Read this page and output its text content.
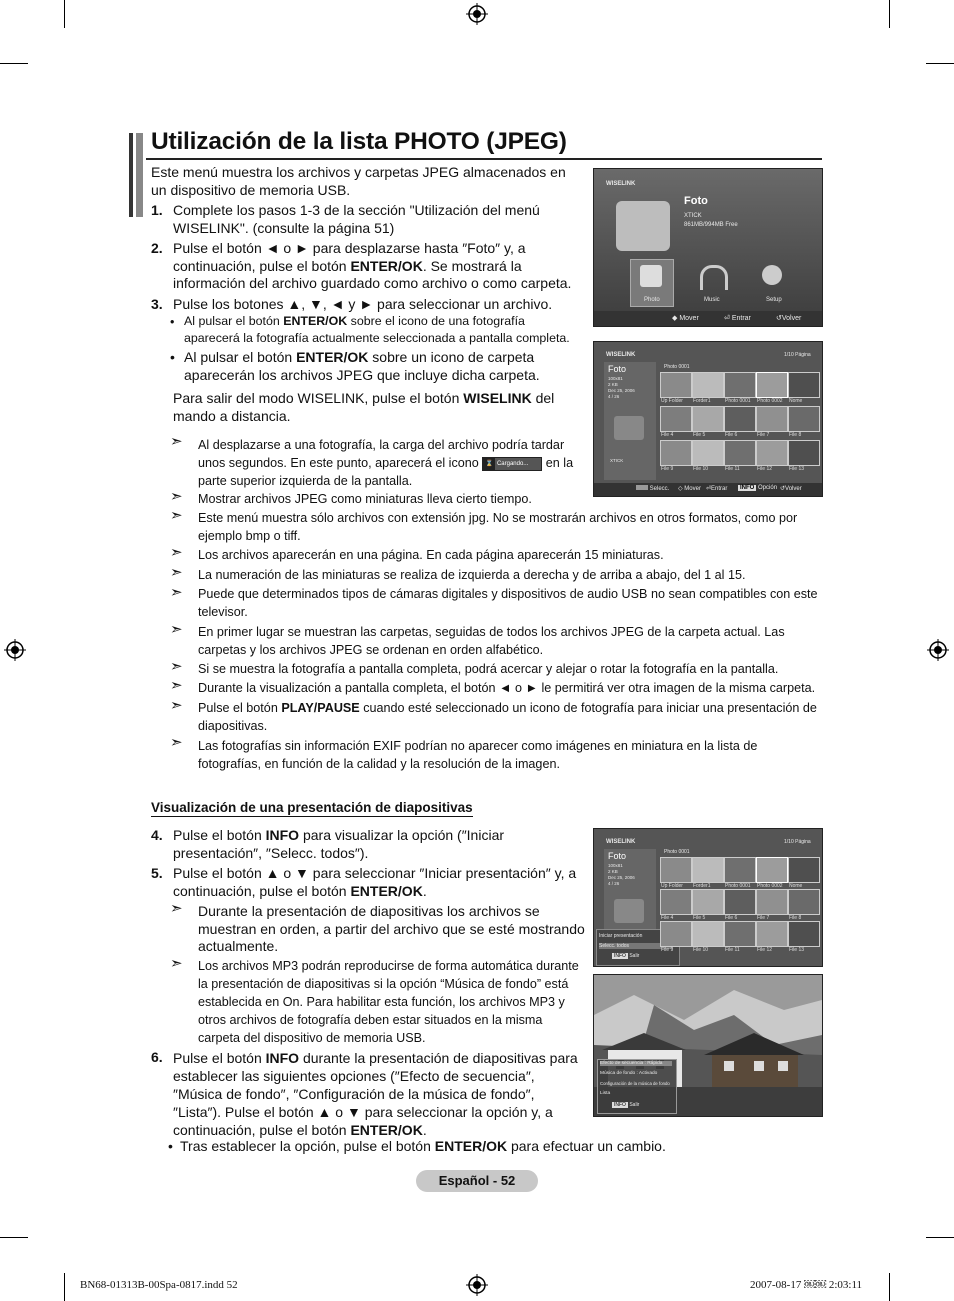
Utilización de la lista PHOTO (JPEG)
Este menú muestra los archivos y carpetas JPEG almacenados en un dispositivo de memoria USB.
1. Complete los pasos 1-3 de la sección "Utilización del menú WISELINK". (consulte la página 51)
2. Pulse el botón ◄ o ► para desplazarse hasta ″Foto″ y, a continuación, pulse el botón ENTER/OK. Se mostrará la información del archivo guardado como archivo o como carpeta.
3. Pulse los botones ▲, ▼, ◄ y ► para seleccionar un archivo.
• Al pulsar el botón ENTER/OK sobre el icono de una fotografía aparecerá la fotografía actualmente seleccionada a pantalla completa.
• Al pulsar el botón ENTER/OK sobre un icono de carpeta aparecerán los archivos JPEG que incluye dicha carpeta.
Para salir del modo WISELINK, pulse el botón WISELINK del mando a distancia.
➣ Al desplazarse a una fotografía, la carga del archivo podría tardar unos segundos. En este punto, aparecerá el icono ⌛ Cargando... en la parte superior izquierda de la pantalla.
➣ Mostrar archivos JPEG como miniaturas lleva cierto tiempo.
➣ Este menú muestra sólo archivos con extensión jpg. No se mostrarán archivos en otros formatos, como por ejemplo bmp o tiff.
➣ Los archivos aparecerán en una página. En cada página aparecerán 15 miniaturas.
➣ La numeración de las miniaturas se realiza de izquierda a derecha y de arriba a abajo, del 1 al 15.
➣ Puede que determinados tipos de cámaras digitales y dispositivos de audio USB no sean compatibles con este televisor.
➣ En primer lugar se muestran las carpetas, seguidas de todos los archivos JPEG de la carpeta actual. Las carpetas y los archivos JPEG se ordenan en orden alfabético.
➣ Si se muestra la fotografía a pantalla completa, podrá acercar y alejar o rotar la fotografía en la pantalla.
➣ Durante la visualización a pantalla completa, el botón ◄ o ► le permitirá ver otra imagen de la misma carpeta.
➣ Pulse el botón PLAY/PAUSE cuando esté seleccionado un icono de fotografía para iniciar una presentación de diapositivas.
➣ Las fotografías sin información EXIF podrían no aparecer como imágenes en miniatura en la lista de fotografías, en función de la calidad y la resolución de la imagen.
Visualización de una presentación de diapositivas
4. Pulse el botón INFO para visualizar la opción (″Iniciar presentación″, ″Selecc. todos″).
5. Pulse el botón ▲ o ▼ para seleccionar ″Iniciar presentación″ y, a continuación, pulse el botón ENTER/OK.
➣ Durante la presentación de diapositivas los archivos se muestran en orden, a partir del archivo que se esté mostrando actualmente.
➣ Los archivos MP3 podrán reproducirse de forma automática durante la presentación de diapositivas si la opción “Música de fondo” está establecida en On. Para habilitar esta función, los archivos MP3 y otros archivos de fotografía deben estar situados en la misma carpeta del dispositivo de memoria USB.
6. Pulse el botón INFO durante la presentación de diapositivas para establecer las siguientes opciones (″Efecto de secuencia″, ″Música de fondo″, ″Configuración de la música de fondo″, ″Lista″). Pulse el botón ▲ o ▼ para seleccionar la opción y, a continuación, pulse el botón ENTER/OK.
• Tras establecer la opción, pulse el botón ENTER/OK para efectuar un cambio.
WISELINK
Foto
XTICK
861MB/994MB Free
Photo	Music	Setup
◆ Mover	⏎ Entrar	↺Volver
WISELINK	1/10 Página
Foto
100x81
2 KB
Dec 25, 2006
4 / 26
XTICK
Photo 0001
Selecc. ◇ Mover ⏎Entrar	INFO Opción ↺Volver
Up Folder Forder1	Photo 0001 Photo 0002 Nome
File 4	File 5	File 6	File 7	File 8
File 9	File 10	File 11	File 12	File 13
WISELINK	1/10 Página
Foto
100x81
2 KB
Dec 25, 2006
4 / 26
Photo 0001
Iniciar presentación
Selecc. todos
INFO Salir
Up Folder Forder1	Photo 0001 Photo 0002 Nome
File 4	File 5	File 6	File 7	File 8
File 9	File 10	File 11	File 12	File 13
Efecto de secuencia : Rápida
Música de fondo : Activado
Configuración de la música de fondo
Lista
INFO Salir
Español - 52
BN68-01313B-00Spa-0817.indd 52	2007-08-17 ￼￼ 2:03:11
